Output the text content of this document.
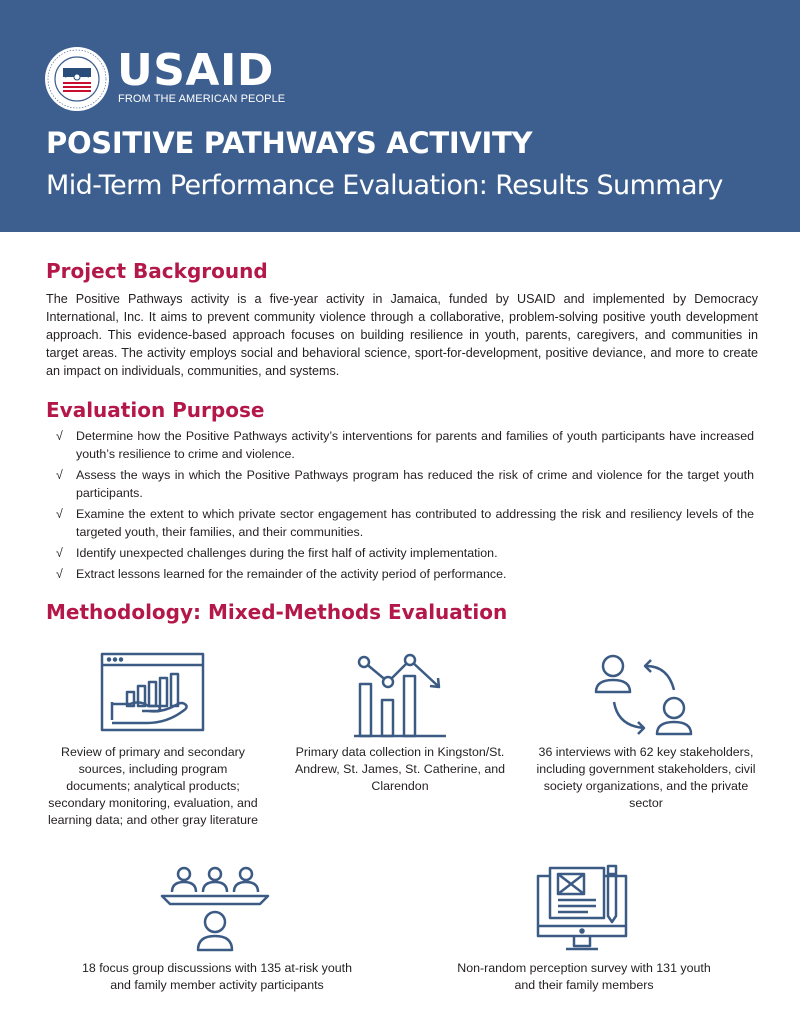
USAID
FROM THE AMERICAN PEOPLE
POSITIVE PATHWAYS ACTIVITY
Mid-Term Performance Evaluation: Results Summary
Project Background

The Positive Pathways activity is a five-year activity in Jamaica, funded by USAID and implemented by Democracy International, Inc. It aims to prevent community violence through a collaborative, problem-solving positive youth development approach. This evidence-based approach focuses on building resilience in youth, parents, caregivers, and communities in target areas. The activity employs social and behavioral science, sport-for-development, positive deviance, and more to create an impact on individuals, communities, and systems.

Evaluation Purpose
√ Determine how the Positive Pathways activity’s interventions for parents and families of youth participants have increased youth’s resilience to crime and violence.
√ Assess the ways in which the Positive Pathways program has reduced the risk of crime and violence for the target youth participants.
√ Examine the extent to which private sector engagement has contributed to addressing the risk and resiliency levels of the targeted youth, their families, and their communities.
√ Identify unexpected challenges during the first half of activity implementation.
√ Extract lessons learned for the remainder of the activity period of performance.
Methodology: Mixed-Methods Evaluation
Review of primary and secondary sources, including program documents; analytical products; secondary monitoring, evaluation, and learning data; and other gray literature
Primary data collection in Kingston/St. Andrew, St. James, St. Catherine, and Clarendon
36 interviews with 62 key stakeholders, including government stakeholders, civil society organizations, and the private sector
18 focus group discussions with 135 at-risk youth and family member activity participants
Non-random perception survey with 131 youth and their family members
